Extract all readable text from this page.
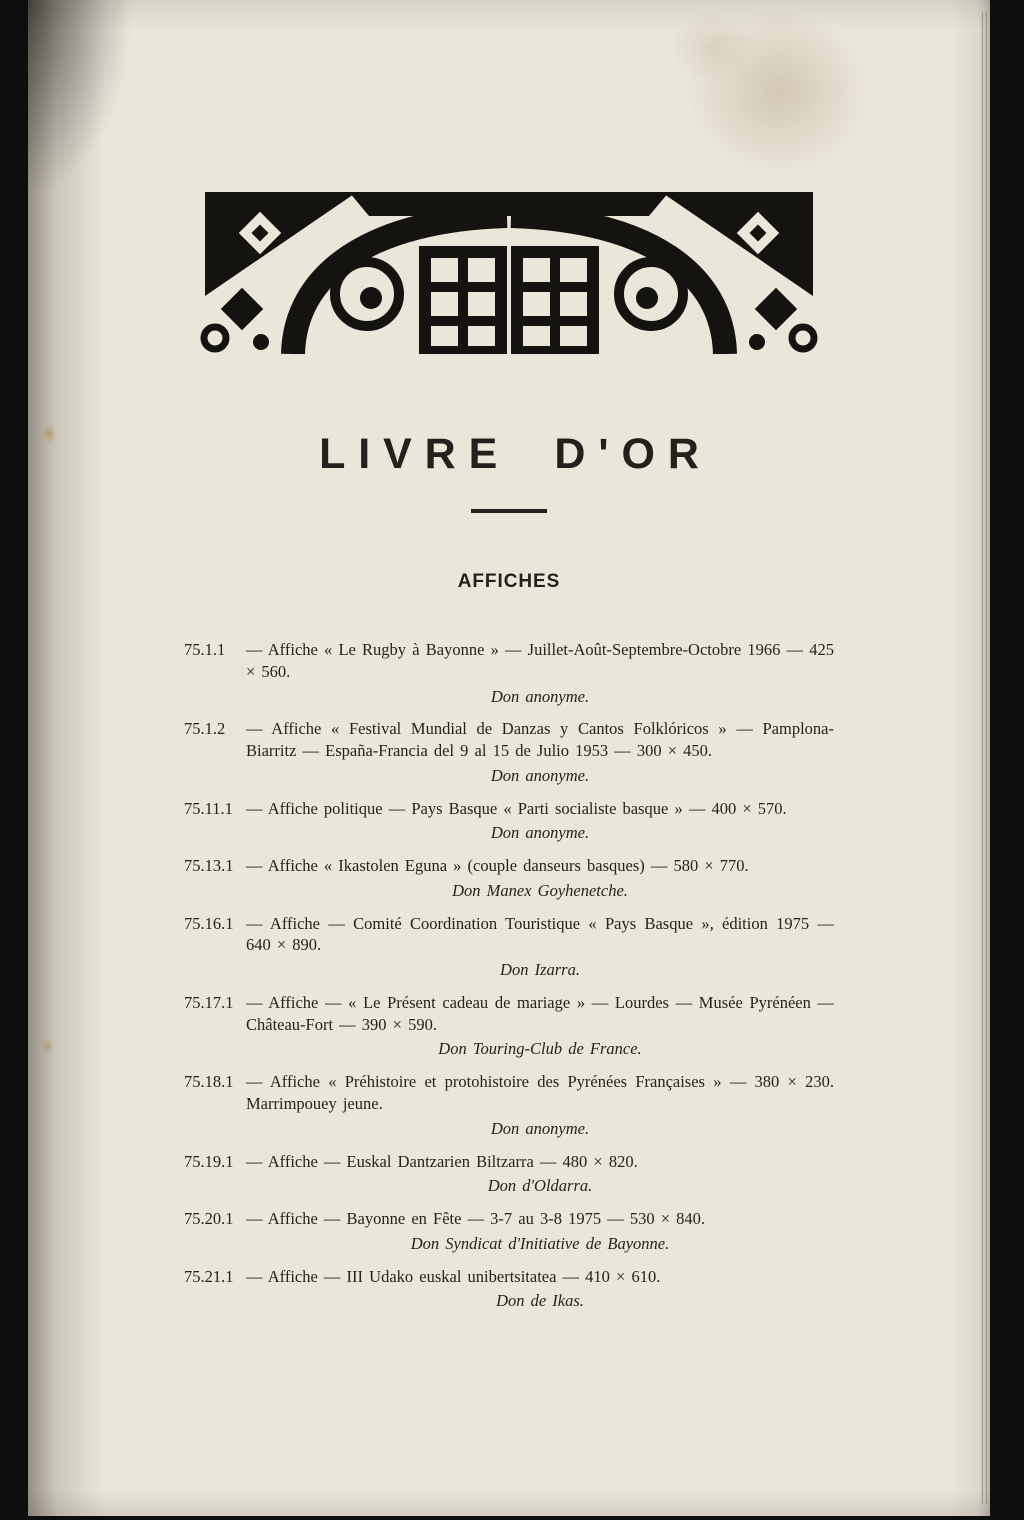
LIVRE D'OR
AFFICHES
75.1.1	— Affiche « Le Rugby à Bayonne » — Juillet-Août-Septembre-Octobre 1966 — 425 × 560.
Don anonyme.
75.1.2	— Affiche « Festival Mundial de Danzas y Cantos Folklóricos » — Pamplona-Biarritz — España-Francia del 9 al 15 de Julio 1953 — 300 × 450.
Don anonyme.
75.11.1 — Affiche politique — Pays Basque « Parti socialiste basque » — 400 × 570.
Don anonyme.
75.13.1 — Affiche « Ikastolen Eguna » (couple danseurs basques) — 580 × 770.
Don Manex Goyhenetche.
75.16.1 — Affiche — Comité Coordination Touristique « Pays Basque », édition 1975 — 640 × 890.
Don Izarra.
75.17.1 — Affiche — « Le Présent cadeau de mariage » — Lourdes — Musée Pyrénéen — Château-Fort — 390 × 590.
Don Touring-Club de France.
75.18.1 — Affiche « Préhistoire et protohistoire des Pyrénées Françaises » — 380 × 230. Marrimpouey jeune.
Don anonyme.
75.19.1 — Affiche — Euskal Dantzarien Biltzarra — 480 × 820.
Don d'Oldarra.
75.20.1 — Affiche — Bayonne en Fête — 3-7 au 3-8 1975 — 530 × 840.
Don Syndicat d'Initiative de Bayonne.
75.21.1 — Affiche — III Udako euskal unibertsitatea — 410 × 610.
Don de Ikas.
